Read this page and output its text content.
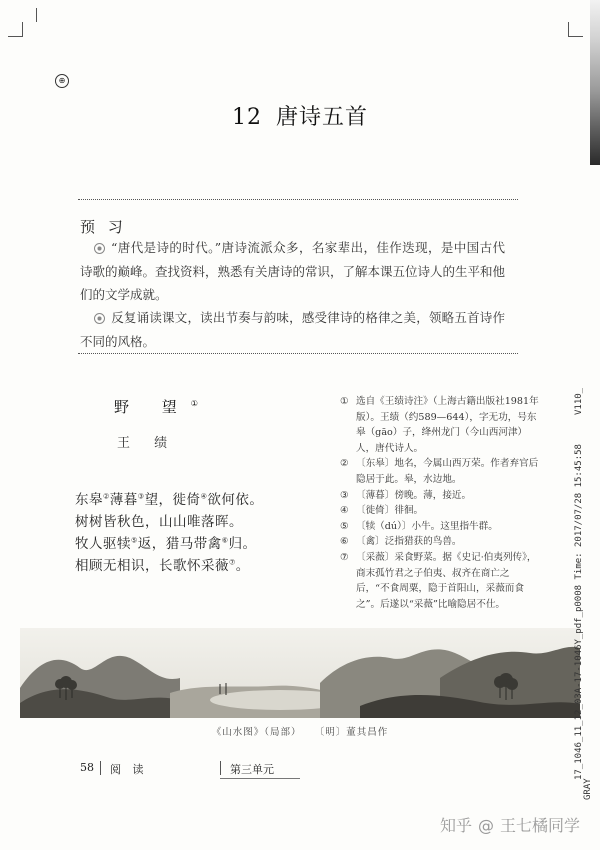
⊕
12 唐诗五首
预 习
“唐代是诗的时代。”唐诗流派众多，名家辈出，佳作迭现，是中国古代诗歌的巅峰。查找资料，熟悉有关唐诗的常识，了解本课五位诗人的生平和他们的文学成就。
反复诵读课文，读出节奏与韵味，感受律诗的格律之美，领略五首诗作不同的风格。
野 望①
王 绩
东皋②薄暮③望，徙倚④欲何依。
树树皆秋色，山山唯落晖。
牧人驱犊⑤返，猎马带禽⑥归。
相顾无相识，长歌怀采薇⑦。

① 选自《王绩诗注》（上海古籍出版社1981年版）。王绩（约589—644），字无功，号东皋（gāo）子，绛州龙门（今山西河津）人，唐代诗人。

② 〔东皋〕地名，今属山西万荣。作者弃官后隐居于此。皋，水边地。

③ 〔薄暮〕傍晚。薄，接近。

④ 〔徙倚〕徘徊。

⑤ 〔犊（dú）〕小牛。这里指牛群。

⑥ 〔禽〕泛指猎获的鸟兽。

⑦ 〔采薇〕采食野菜。据《史记·伯夷列传》，商末孤竹君之子伯夷、叔齐在商亡之后，“不食周粟，隐于首阳山，采薇而食之”。后遂以“采薇”比喻隐居不仕。

《山水图》（局部） 〔明〕董其昌作
58 阅 读	第三单元
V110_
17_1046_11_12_03A-17-1046Y_pdf_p0008 Time: 2017/07/28 15:45:58
GRAY
知乎 @ 王七橘同学
